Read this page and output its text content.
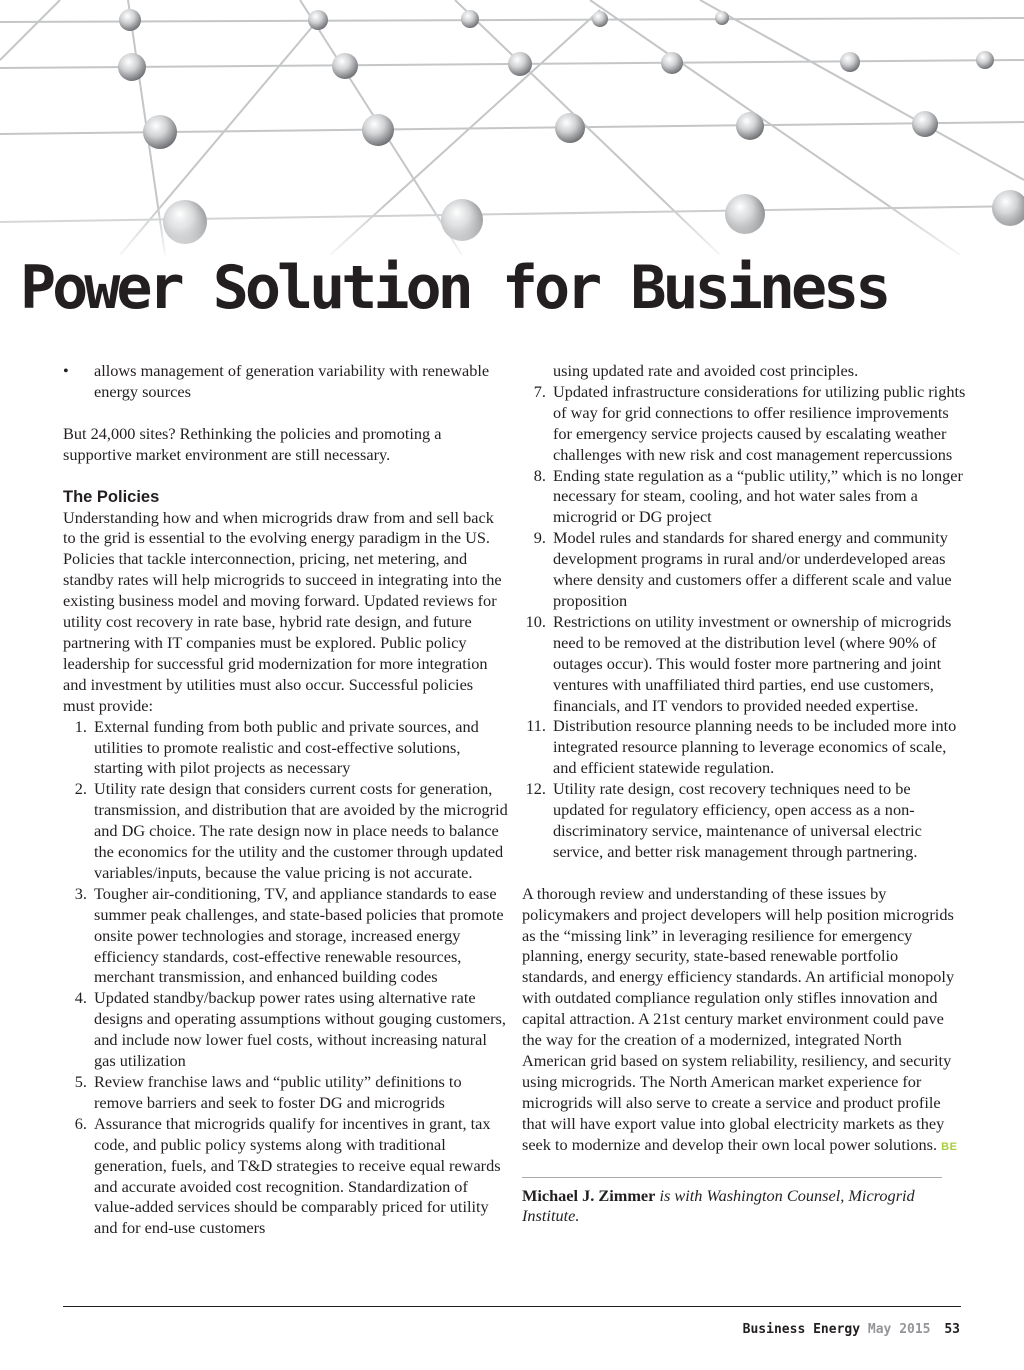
Power Solution for Business
• allows management of generation variability with renewable energy sources

But 24,000 sites? Rethinking the policies and promoting a supportive market environment are still necessary.

The Policies

Understanding how and when microgrids draw from and sell back to the grid is essential to the evolving energy paradigm in the US. Policies that tackle interconnection, pricing, net metering, and standby rates will help microgrids to succeed in integrating into the existing business model and moving forward. Updated reviews for utility cost recovery in rate base, hybrid rate design, and future partnering with IT companies must be explored. Public policy leadership for successful grid modernization for more integration and investment by utilities must also occur. Successful policies must provide:

1. External funding from both public and private sources, and utilities to promote realistic and cost-effective solutions, starting with pilot projects as necessary
2. Utility rate design that considers current costs for generation, transmission, and distribution that are avoided by the microgrid and DG choice. The rate design now in place needs to balance the economics for the utility and the customer through updated variables/inputs, because the value pricing is not accurate.
3. Tougher air-conditioning, TV, and appliance standards to ease summer peak challenges, and state-based policies that promote onsite power technologies and storage, increased energy efficiency standards, cost-effective renewable resources, merchant transmission, and enhanced building codes
4. Updated standby/backup power rates using alternative rate designs and operating assumptions without gouging customers, and include now lower fuel costs, without increasing natural gas utilization
5. Review franchise laws and “public utility” definitions to remove barriers and seek to foster DG and microgrids
6. Assurance that microgrids qualify for incentives in grant, tax code, and public policy systems along with traditional generation, fuels, and T&D strategies to receive equal rewards and accurate avoided cost recognition. Standardization of value-added services should be comparably priced for utility and for end-use customers
using updated rate and avoided cost principles.
7. Updated infrastructure considerations for utilizing public rights of way for grid connections to offer resilience improvements for emergency service projects caused by escalating weather challenges with new risk and cost management repercussions
8. Ending state regulation as a “public utility,” which is no longer necessary for steam, cooling, and hot water sales from a microgrid or DG project
9. Model rules and standards for shared energy and community development programs in rural and/or underdeveloped areas where density and customers offer a different scale and value proposition
10. Restrictions on utility investment or ownership of microgrids need to be removed at the distribution level (where 90% of outages occur). This would foster more partnering and joint ventures with unaffiliated third parties, end use customers, financials, and IT vendors to provided needed expertise.
11. Distribution resource planning needs to be included more into integrated resource planning to leverage economics of scale, and efficient statewide regulation.
12. Utility rate design, cost recovery techniques need to be updated for regulatory efficiency, open access as a non-discriminatory service, maintenance of universal electric service, and better risk management through partnering.

A thorough review and understanding of these issues by policymakers and project developers will help position microgrids as the “missing link” in leveraging resilience for emergency planning, energy security, state-based renewable portfolio standards, and energy efficiency standards. An artificial monopoly with outdated compliance regulation only stifles innovation and capital attraction. A 21st century market environment could pave the way for the creation of a modernized, integrated North American grid based on system reliability, resiliency, and security using microgrids. The North American market experience for microgrids will also serve to create a service and product profile that will have export value into global electricity markets as they seek to modernize and develop their own local power solutions. BE

Michael J. Zimmer is with Washington Counsel, Microgrid Institute.

Business Energy May 2015 53
